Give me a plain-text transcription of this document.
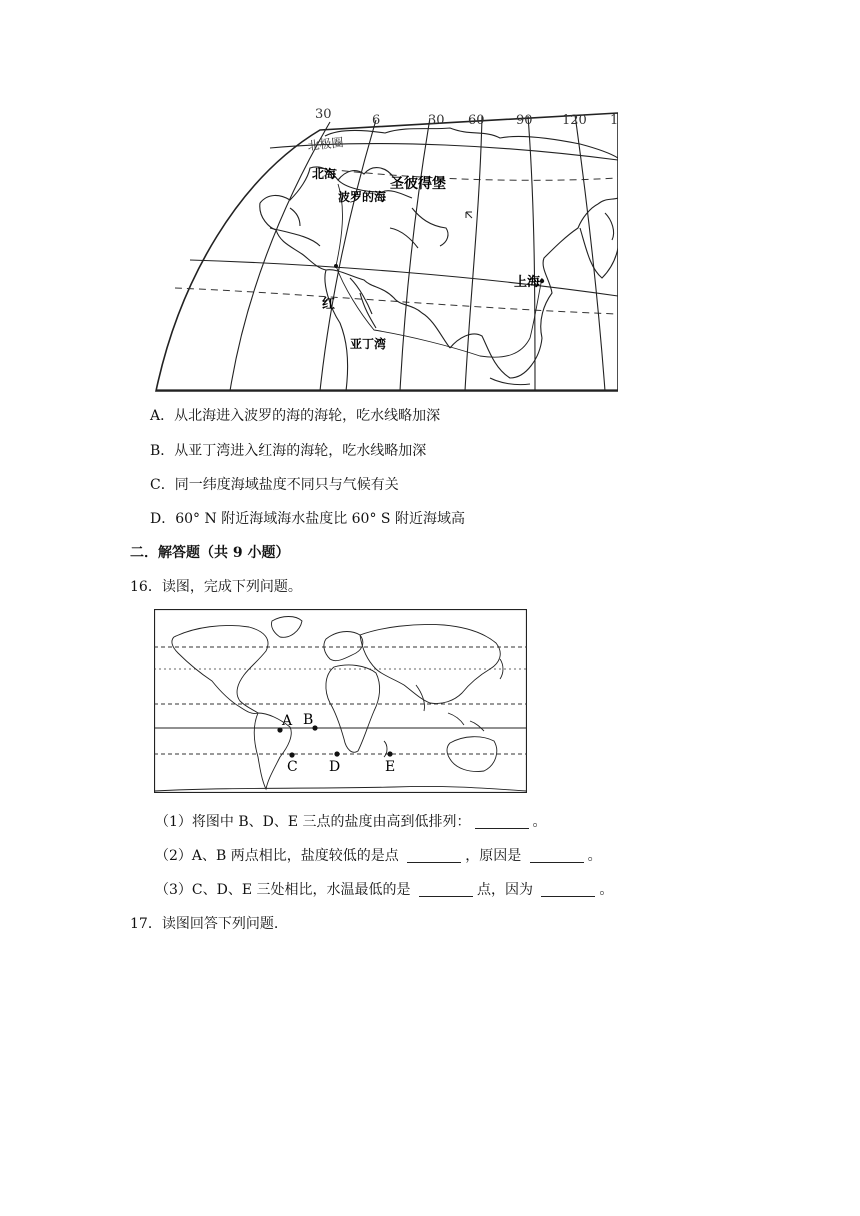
30	6	30 60 90 120 1
北极圈
北海
圣彼得堡
波罗的海
上海
红
亚丁湾
A．从北海进入波罗的海的海轮，吃水线略加深
B．从亚丁湾进入红海的海轮，吃水线略加深
C．同一纬度海域盐度不同只与气候有关
D．60° N 附近海域海水盐度比 60° S 附近海域高
二．解答题（共 9 小题）
16．读图，完成下列问题。
A B
C D	E
（1）将图中 B、D、E 三点的盐度由高到低排列：	。
（2）A、B 两点相比，盐度较低的是点	，原因是	。
（3）C、D、E 三处相比，水温最低的是	点，因为	。
17．读图回答下列问题.
